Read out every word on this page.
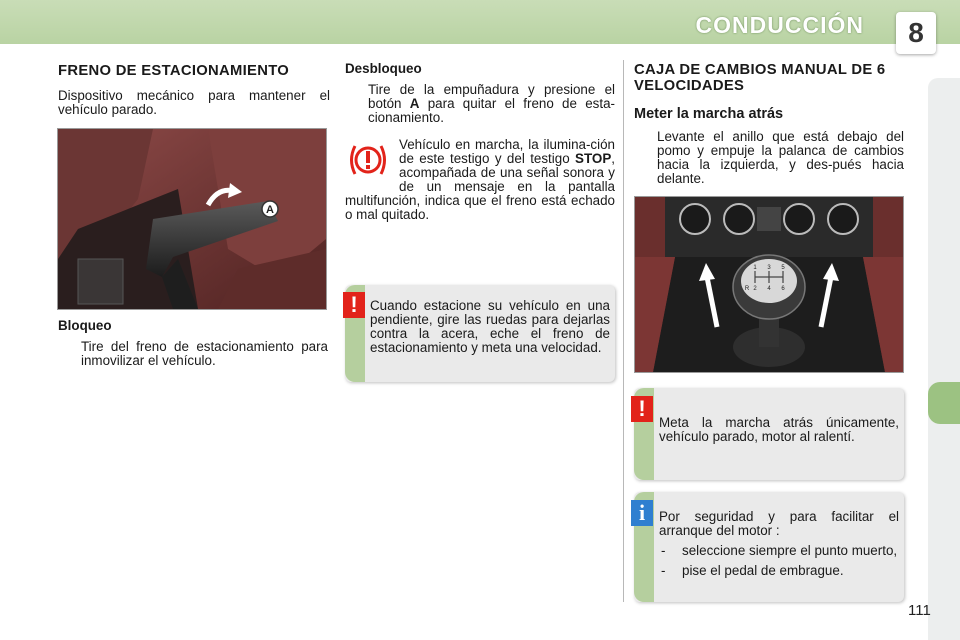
CONDUCCIÓN	8
FRENO DE ESTACIONAMIENTO
Dispositivo mecánico para mantener el vehículo parado.
A
Bloqueo
Tire del freno de estacionamiento para inmovilizar el vehículo.
Desbloqueo
Tire de la empuñadura y presione el botón A para quitar el freno de esta-cionamiento.
Vehículo en marcha, la ilumina-ción de este testigo y del testigo STOP, acompañada de una señal sonora y de un mensaje en la pantalla multifunción, indica que el freno está echado o mal quitado.
Cuando estacione su vehículo en una pendiente, gire las ruedas para dejarlas contra la acera, eche el freno de estacionamiento y meta una velocidad.
!
CAJA DE CAMBIOS MANUAL DE 6 VELOCIDADES
Meter la marcha atrás
Levante el anillo que está debajo del pomo y empuje la palanca de cambios hacia la izquierda, y des-pués hacia delante.
1 3 5
2 4 6
R
Meta la marcha atrás únicamente, vehículo parado, motor al ralentí.
!
Por seguridad y para facilitar el arranque del motor :
- seleccione siempre el punto muerto,
- pise el pedal de embrague.
i
111
